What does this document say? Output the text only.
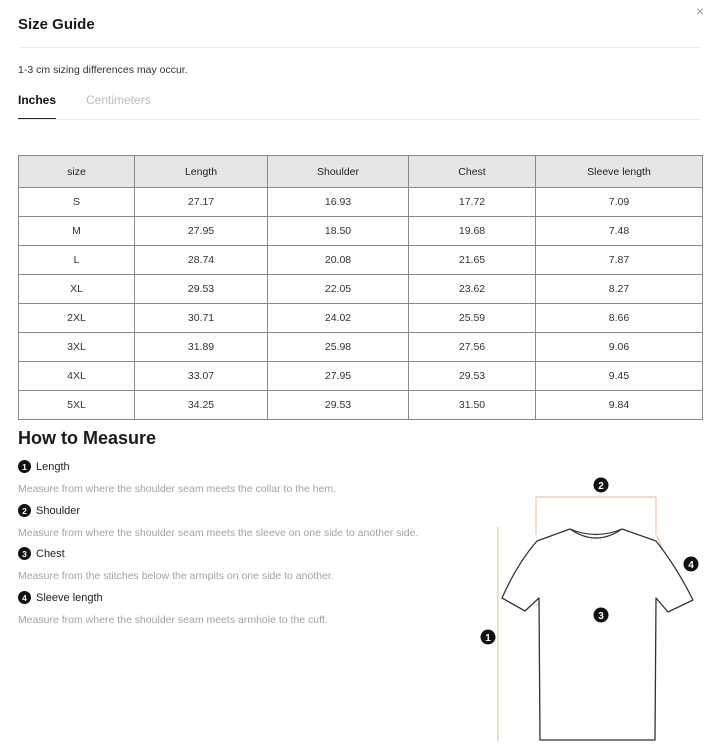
×
Size Guide
1-3 cm sizing differences may occur.
Inches Centimeters
size	Length	Shoulder	Chest	Sleeve length
S	27.17	16.93	17.72	7.09
M	27.95	18.50	19.68	7.48
L	28.74	20.08	21.65	7.87
XL	29.53	22.05	23.62	8.27
2XL	30.71	24.02	25.59	8.66
3XL	31.89	25.98	27.56	9.06
4XL	33.07	27.95	29.53	9.45
5XL	34.25	29.53	31.50	9.84
How to Measure
1 Length
Measure from where the shoulder seam meets the collar to the hem.
2 Shoulder
Measure from where the shoulder seam meets the sleeve on one side to another side.
3 Chest
Measure from the stitches below the armpits on one side to another.
4 Sleeve length
Measure from where the shoulder seam meets armhole to the cuff.
2
4
3
1
